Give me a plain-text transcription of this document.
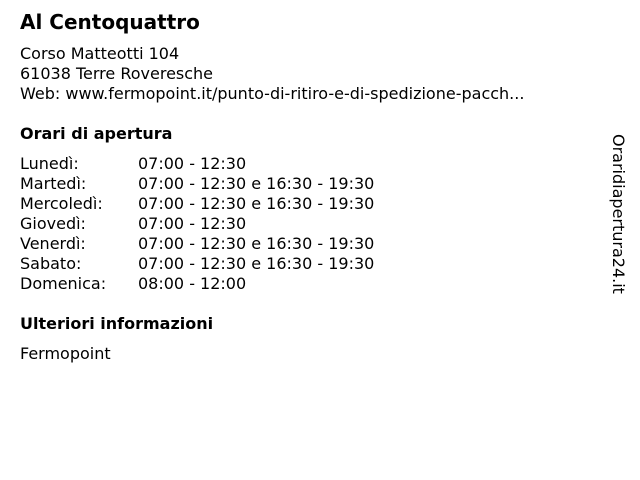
Al Centoquattro
Corso Matteotti 104
61038 Terre Roveresche
Web: www.fermopoint.it/punto-di-ritiro-e-di-spedizione-pacch...
Orari di apertura
Lunedì:	07:00 - 12:30
Martedì:	07:00 - 12:30 e 16:30 - 19:30
Mercoledì: 07:00 - 12:30 e 16:30 - 19:30
Giovedì:	07:00 - 12:30
Venerdì:	07:00 - 12:30 e 16:30 - 19:30
Sabato:	07:00 - 12:30 e 16:30 - 19:30
Domenica: 08:00 - 12:00
Ulteriori informazioni
Fermopoint
Oraridiapertura24.it
